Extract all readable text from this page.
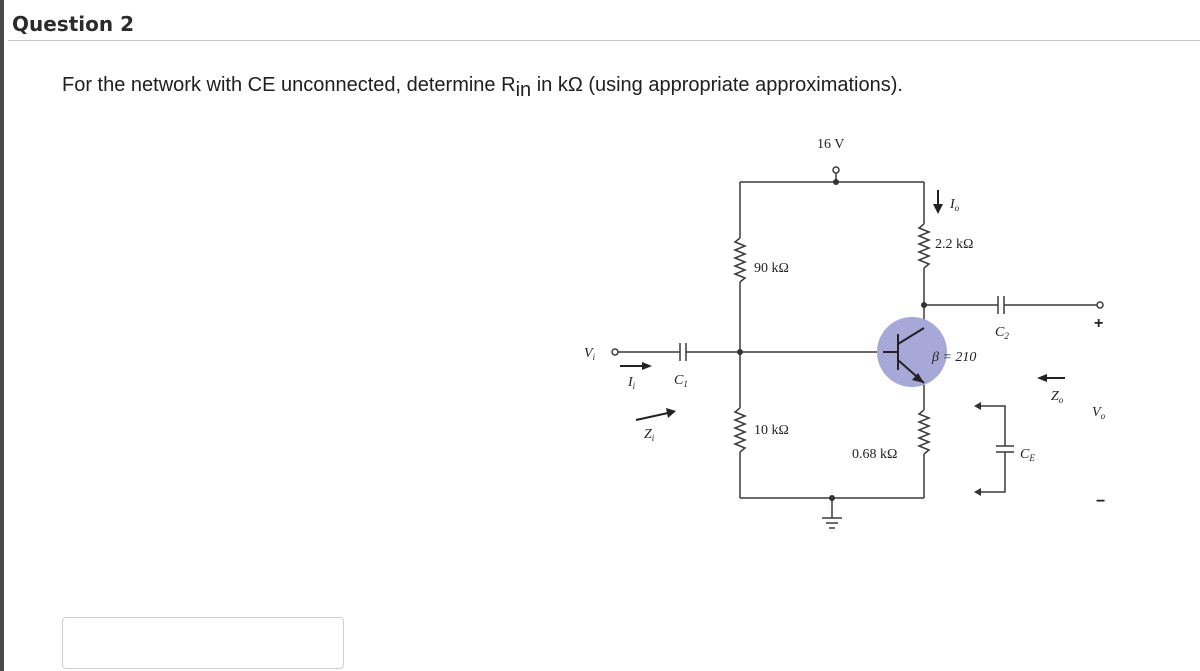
Question 2
For the network with CE unconnected, determine $R_{in}$ in kΩ (using appropriate approximations).
16 V
90 kΩ
10 kΩ
2.2 kΩ
0.68 kΩ
β = 210
$I_o$
$V_i$
$I_i$	$C_1$
$Z_i$
$C_2$
$Z_o$
$C_E$
$V_o$
+
−
